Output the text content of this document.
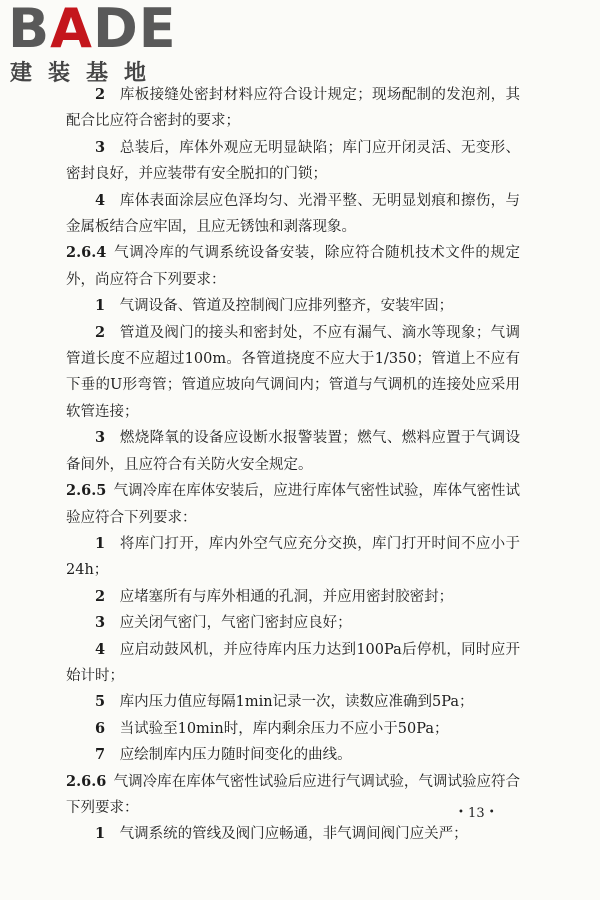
BADE
建装基地

2  库板接缝处密封材料应符合设计规定；现场配制的发泡剂，其配合比应符合密封的要求；

3  总装后，库体外观应无明显缺陷；库门应开闭灵活、无变形、密封良好，并应装带有安全脱扣的门锁；

4  库体表面涂层应色泽均匀、光滑平整、无明显划痕和擦伤，与金属板结合应牢固，且应无锈蚀和剥落现象。

2.6.4  气调冷库的气调系统设备安装，除应符合随机技术文件的规定外，尚应符合下列要求：

1  气调设备、管道及控制阀门应排列整齐，安装牢固；

2  管道及阀门的接头和密封处，不应有漏气、滴水等现象；气调管道长度不应超过100m。各管道挠度不应大于1/350；管道上不应有下垂的U形弯管；管道应坡向气调间内；管道与气调机的连接处应采用软管连接；

3  燃烧降氧的设备应设断水报警装置；燃气、燃料应置于气调设备间外，且应符合有关防火安全规定。

2.6.5  气调冷库在库体安装后，应进行库体气密性试验，库体气密性试验应符合下列要求：

1  将库门打开，库内外空气应充分交换，库门打开时间不应小于24h；

2  应堵塞所有与库外相通的孔洞，并应用密封胶密封；

3  应关闭气密门，气密门密封应良好；

4  应启动鼓风机，并应待库内压力达到100Pa后停机，同时应开始计时；

5  库内压力值应每隔1min记录一次，读数应准确到5Pa；

6  当试验至10min时，库内剩余压力不应小于50Pa；

7  应绘制库内压力随时间变化的曲线。

2.6.6  气调冷库在库体气密性试验后应进行气调试验，气调试验应符合下列要求：

1  气调系统的管线及阀门应畅通，非气调间阀门应关严；

• 13 •
